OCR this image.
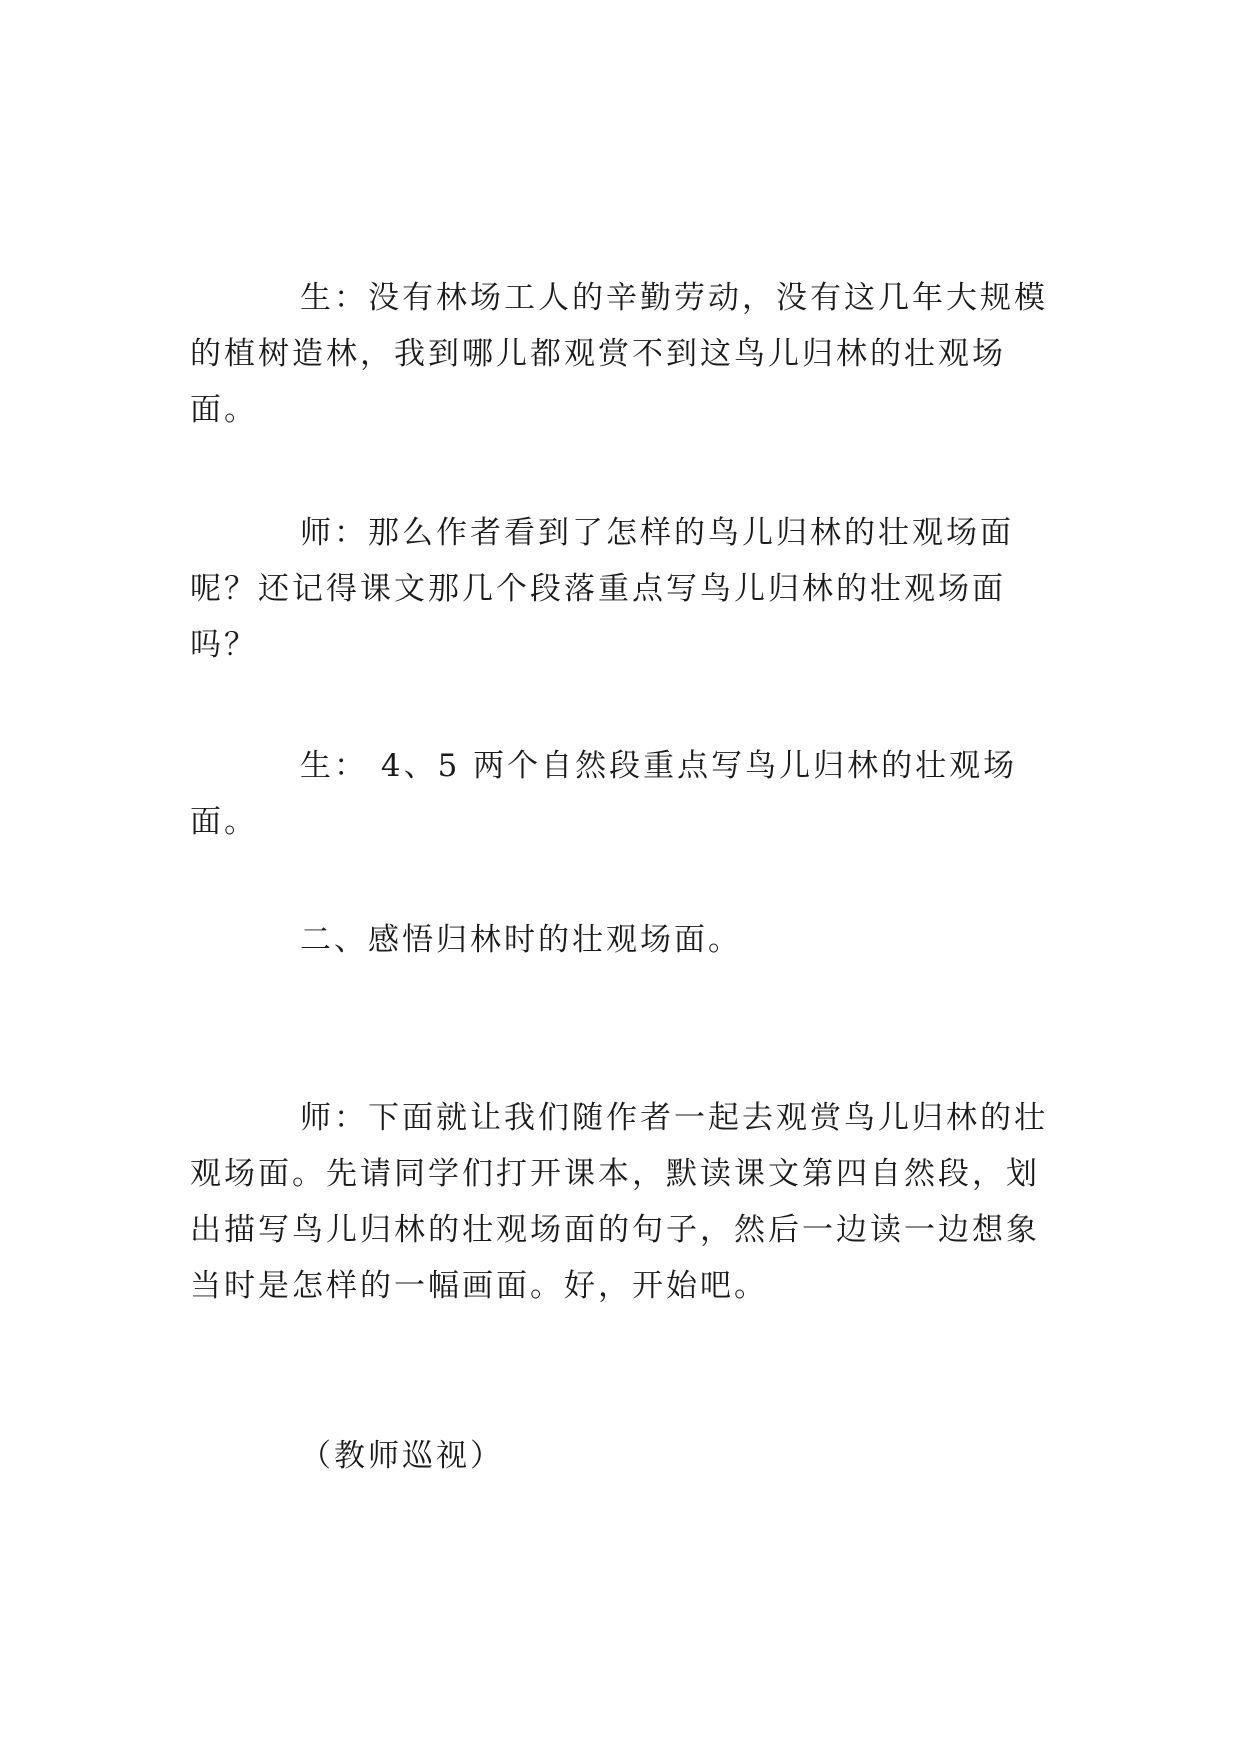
生：没有林场工人的辛勤劳动，没有这几年大规模的植树造林，我到哪儿都观赏不到这鸟儿归林的壮观场面。

师：那么作者看到了怎样的鸟儿归林的壮观场面呢？还记得课文那几个段落重点写鸟儿归林的壮观场面吗？

生： 4、5 两个自然段重点写鸟儿归林的壮观场面。

二、感悟归林时的壮观场面。

师：下面就让我们随作者一起去观赏鸟儿归林的壮观场面。先请同学们打开课本，默读课文第四自然段，划出描写鸟儿归林的壮观场面的句子，然后一边读一边想象当时是怎样的一幅画面。好，开始吧。

（教师巡视）
